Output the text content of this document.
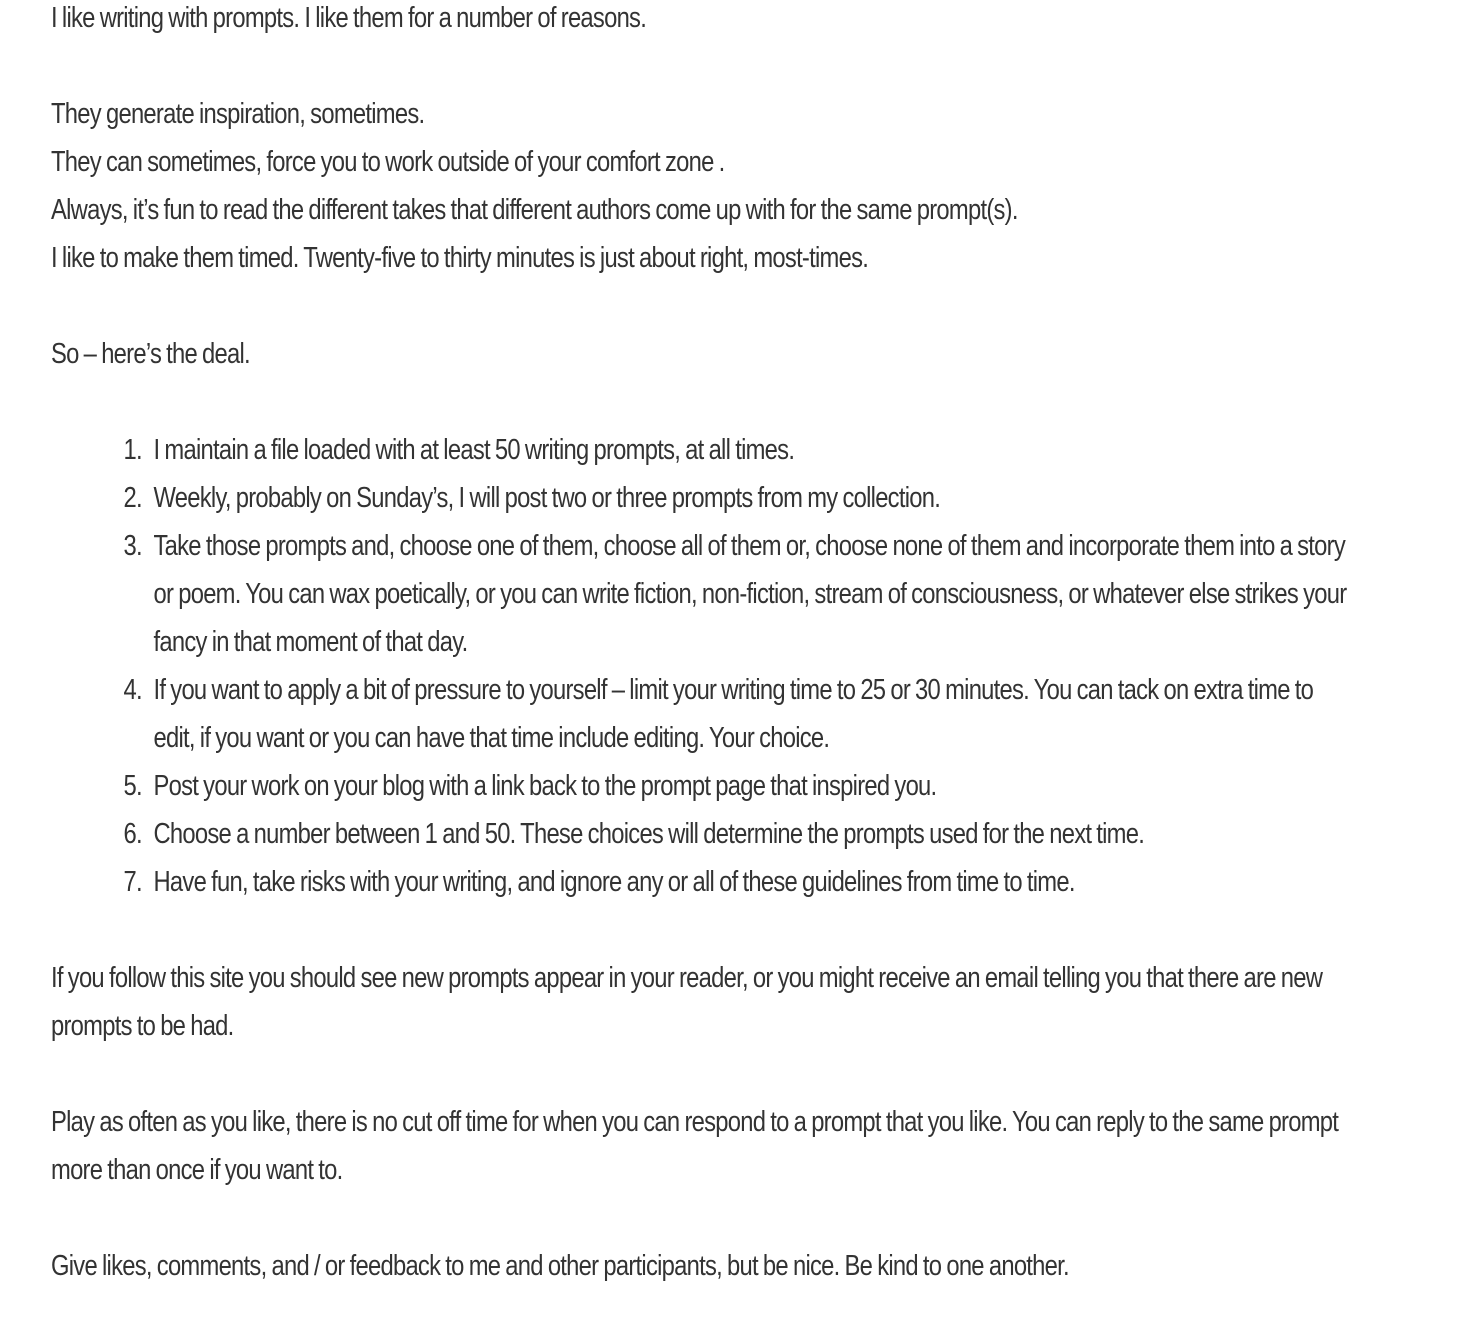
I like writing with prompts. I like them for a number of reasons.

They generate inspiration, sometimes.

They can sometimes, force you to work outside of your comfort zone .

Always, it’s fun to read the different takes that different authors come up with for the same prompt(s).

I like to make them timed. Twenty-five to thirty minutes is just about right, most-times.

So – here’s the deal.

1. I maintain a file loaded with at least 50 writing prompts, at all times.
2. Weekly, probably on Sunday’s, I will post two or three prompts from my collection.
3. Take those prompts and, choose one of them, choose all of them or, choose none of them and incorporate them into a story or poem. You can wax poetically, or you can write fiction, non-fiction, stream of consciousness, or whatever else strikes your fancy in that moment of that day.
4. If you want to apply a bit of pressure to yourself – limit your writing time to 25 or 30 minutes. You can tack on extra time to edit, if you want or you can have that time include editing. Your choice.
5. Post your work on your blog with a link back to the prompt page that inspired you.
6. Choose a number between 1 and 50. These choices will determine the prompts used for the next time.
7. Have fun, take risks with your writing, and ignore any or all of these guidelines from time to time.

If you follow this site you should see new prompts appear in your reader, or you might receive an email telling you that there are new prompts to be had.

Play as often as you like, there is no cut off time for when you can respond to a prompt that you like. You can reply to the same prompt more than once if you want to.

Give likes, comments, and / or feedback to me and other participants, but be nice. Be kind to one another.
